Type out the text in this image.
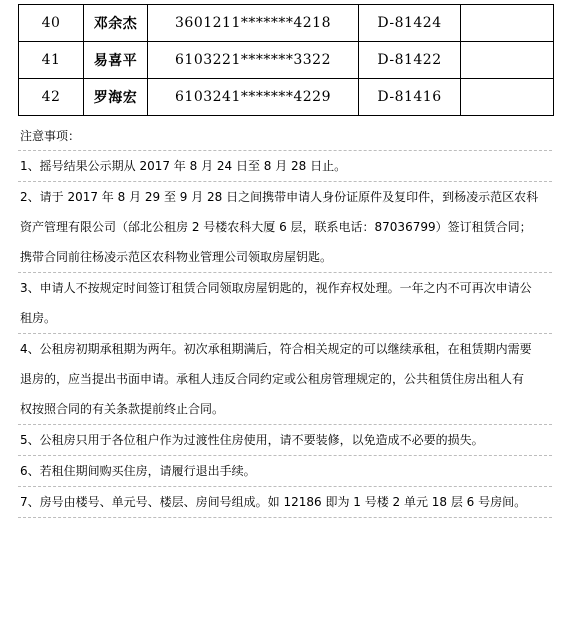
40	邓余杰	3601211*******4218	D-81424	
41	易喜平	6103221*******3322	D-81422	
42	罗海宏	6103241*******4229	D-81416	
注意事项：
1、摇号结果公示期从 2017 年 8 月 24 日至 8 月 28 日止。
2、请于 2017 年 8 月 29 至 9 月 28 日之间携带申请人身份证原件及复印件，到杨凌示范区农科
资产管理有限公司（邰北公租房 2 号楼农科大厦 6 层，联系电话：87036799）签订租赁合同；
携带合同前往杨凌示范区农科物业管理公司领取房屋钥匙。
3、申请人不按规定时间签订租赁合同领取房屋钥匙的，视作弃权处理。一年之内不可再次申请公
租房。
4、公租房初期承租期为两年。初次承租期满后，符合相关规定的可以继续承租，在租赁期内需要
退房的，应当提出书面申请。承租人违反合同约定或公租房管理规定的，公共租赁住房出租人有
权按照合同的有关条款提前终止合同。
5、公租房只用于各位租户作为过渡性住房使用，请不要装修，以免造成不必要的损失。
6、若租住期间购买住房，请履行退出手续。
7、房号由楼号、单元号、楼层、房间号组成。如 12186 即为 1 号楼 2 单元 18 层 6 号房间。
